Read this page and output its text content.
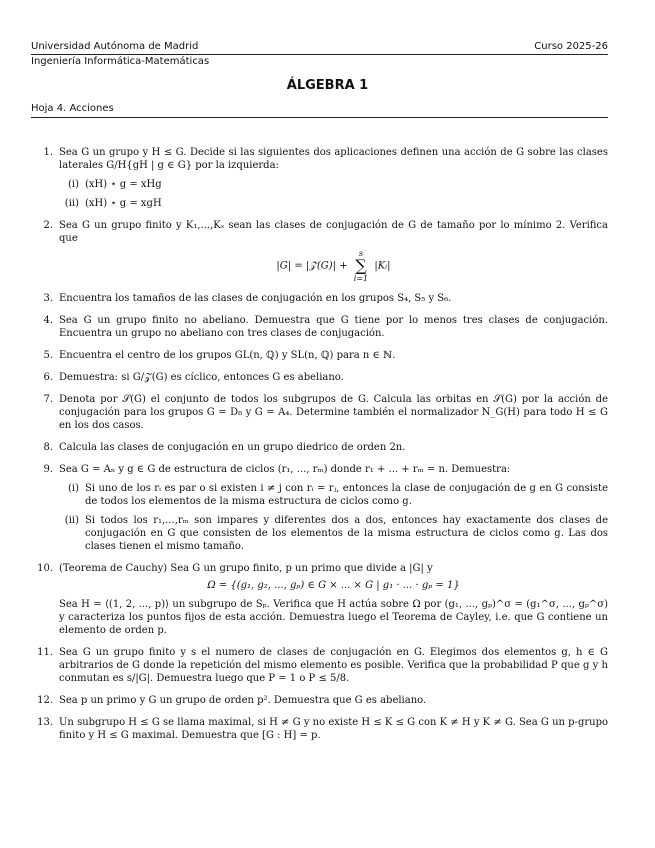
Universidad Autónoma de Madrid	Curso 2025-26
Ingeniería Informática-Matemáticas
ÁLGEBRA 1
Hoja 4. Acciones
1. Sea G un grupo y H ≤ G. Decide si las siguientes dos aplicaciones definen una acción de G sobre las clases laterales G/H{gH | g ∈ G} por la izquierda:
(i) (xH) ⋆ g = xHg
(ii) (xH) ⋆ g = xgH
2. Sea G un grupo finito y K₁,...,Kₛ sean las clases de conjugación de G de tamaño por lo mínimo 2. Verifica que
|G| = |𝒵(G)| +
s
∑
i=1
|Kᵢ|
3. Encuentra los tamaños de las clases de conjugación en los grupos S₄, S₅ y S₆.
4. Sea G un grupo finito no abeliano. Demuestra que G tiene por lo menos tres clases de conjugación. Encuentra un grupo no abeliano con tres clases de conjugación.
5. Encuentra el centro de los grupos GL(n, ℚ) y SL(n, ℚ) para n ∈ ℕ.
6. Demuestra: si G/𝒵(G) es cíclico, entonces G es abeliano.
7. Denota por 𝒮(G) el conjunto de todos los subgrupos de G. Calcula las orbitas en 𝒮(G) por la acción de conjugación para los grupos G = D₈ y G = A₄. Determine también el normalizador N_G(H) para todo H ≤ G en los dos casos.
8. Calcula las clases de conjugación en un grupo diedrico de orden 2n.
9. Sea G = Aₙ y g ∈ G de estructura de ciclos (r₁, ..., rₘ) donde r₁ + ... + rₘ = n. Demuestra:
(i) Si uno de los rᵢ es par o si existen i ≠ j con rᵢ = rⱼ, entonces la clase de conjugación de g en G consiste de todos los elementos de la misma estructura de ciclos como g.
(ii) Si todos los r₁,...,rₘ son impares y diferentes dos a dos, entonces hay exactamente dos clases de conjugación en G que consisten de los elementos de la misma estructura de ciclos como g. Las dos clases tienen el mismo tamaño.
10. (Teorema de Cauchy) Sea G un grupo finito, p un primo que divide a |G| y
Ω = {(g₁, g₂, ..., gₚ) ∈ G × ... × G | g₁ · ... · gₚ = 1}
Sea H = ⟨(1, 2, ..., p)⟩ un subgrupo de Sₚ. Verifica que H actúa sobre Ω por (g₁, ..., gₚ)^σ = (g₁^σ, ..., gₚ^σ) y caracteriza los puntos fijos de esta acción. Demuestra luego el Teorema de Cayley, i.e. que G contiene un elemento de orden p.
11. Sea G un grupo finito y s el numero de clases de conjugación en G. Elegimos dos elementos g, h ∈ G arbitrarios de G donde la repetición del mismo elemento es posible. Verifica que la probabilidad P que g y h conmutan es s/|G|. Demuestra luego que P = 1 o P ≤ 5/8.
12. Sea p un primo y G un grupo de orden p². Demuestra que G es abeliano.
13. Un subgrupo H ≤ G se llama maximal, si H ≠ G y no existe H ≤ K ≤ G con K ≠ H y K ≠ G. Sea G un p-grupo finito y H ≤ G maximal. Demuestra que [G : H] = p.
